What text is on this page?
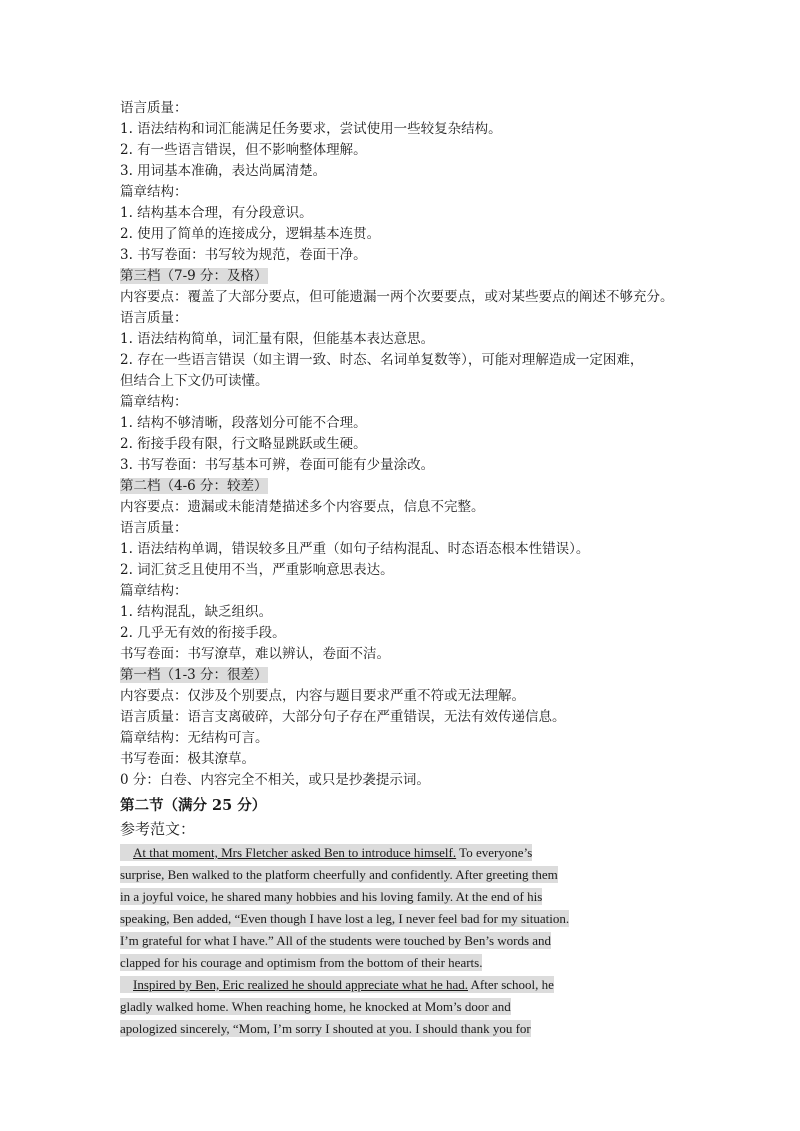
语言质量：
1. 语法结构和词汇能满足任务要求，尝试使用一些较复杂结构。
2. 有一些语言错误，但不影响整体理解。
3. 用词基本准确，表达尚属清楚。
篇章结构：
1. 结构基本合理，有分段意识。
2. 使用了简单的连接成分，逻辑基本连贯。
3. 书写卷面：书写较为规范，卷面干净。
第三档（7-9 分：及格）
内容要点：覆盖了大部分要点，但可能遗漏一两个次要要点，或对某些要点的阐述不够充分。
语言质量：
1. 语法结构简单，词汇量有限，但能基本表达意思。
2. 存在一些语言错误（如主谓一致、时态、名词单复数等），可能对理解造成一定困难，
但结合上下文仍可读懂。
篇章结构：
1. 结构不够清晰，段落划分可能不合理。
2. 衔接手段有限，行文略显跳跃或生硬。
3. 书写卷面：书写基本可辨，卷面可能有少量涂改。
第二档（4-6 分：较差）
内容要点：遗漏或未能清楚描述多个内容要点，信息不完整。
语言质量：
1. 语法结构单调，错误较多且严重（如句子结构混乱、时态语态根本性错误）。
2. 词汇贫乏且使用不当，严重影响意思表达。
篇章结构：
1. 结构混乱，缺乏组织。
2. 几乎无有效的衔接手段。
书写卷面：书写潦草，难以辨认，卷面不洁。
第一档（1-3 分：很差）
内容要点：仅涉及个别要点，内容与题目要求严重不符或无法理解。
语言质量：语言支离破碎，大部分句子存在严重错误，无法有效传递信息。
篇章结构：无结构可言。
书写卷面：极其潦草。
0 分：白卷、内容完全不相关，或只是抄袭提示词。
第二节（满分 25 分）
参考范文：
At that moment, Mrs Fletcher asked Ben to introduce himself. To everyone’s
surprise, Ben walked to the platform cheerfully and confidently. After greeting them
in a joyful voice, he shared many hobbies and his loving family. At the end of his
speaking, Ben added, “Even though I have lost a leg, I never feel bad for my situation.
I’m grateful for what I have.” All of the students were touched by Ben’s words and
clapped for his courage and optimism from the bottom of their hearts.
Inspired by Ben, Eric realized he should appreciate what he had. After school, he
gladly walked home. When reaching home, he knocked at Mom’s door and
apologized sincerely, “Mom, I’m sorry I shouted at you. I should thank you for
